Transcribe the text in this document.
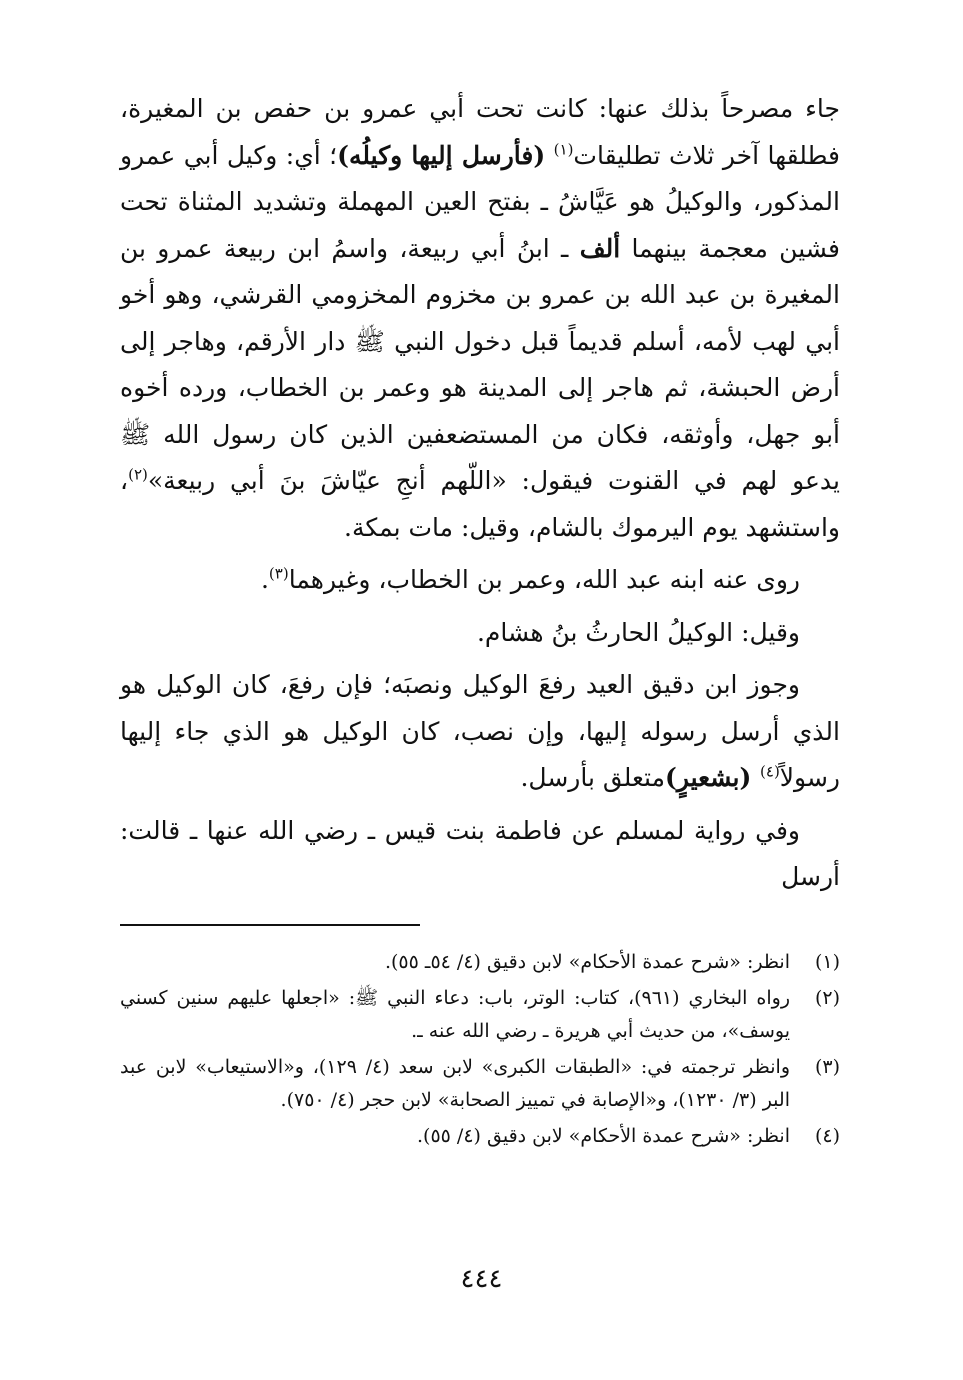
جاء مصرحاً بذلك عنها: كانت تحت أبي عمرو بن حفص بن المغيرة، فطلقها آخر ثلاث تطليقات$^{(١)}$ (فأرسل إليها وكيلُه)؛ أي: وكيل أبي عمرو المذكور، والوكيلُ هو عَيَّاشُ ـ بفتح العين المهملة وتشديد المثناة تحت فشين معجمة بينهما ألف ـ ابنُ أبي ربيعة، واسمُ ابن ربيعة عمرو بن المغيرة بن عبد الله بن عمرو بن مخزوم المخزومي القرشي، وهو أخو أبي لهب لأمه، أسلم قديماً قبل دخول النبي ﷺ دار الأرقم، وهاجر إلى أرض الحبشة، ثم هاجر إلى المدينة هو وعمر بن الخطاب، ورده أخوه أبو جهل، وأوثقه، فكان من المستضعفين الذين كان رسول الله ﷺ يدعو لهم في القنوت فيقول: «اللّهم أنجِ عيّاشَ بنَ أبي ربيعة»$^{(٢)}$، واستشهد يوم اليرموك بالشام، وقيل: مات بمكة.

روى عنه ابنه عبد الله، وعمر بن الخطاب، وغيرهما$^{(٣)}$.

وقيل: الوكيلُ الحارثُ بنُ هشام.

وجوز ابن دقيق العيد رفعَ الوكيل ونصبَه؛ فإن رفعَ، كان الوكيل هو الذي أرسل رسوله إليها، وإن نصب، كان الوكيل هو الذي جاء إليها رسولاً$^{(٤)}$ (بشعيرٍ)متعلق بأرسل.

وفي رواية لمسلم عن فاطمة بنت قيس ـ رضي الله عنها ـ قالت: أرسل

(١)
انظر: «شرح عمدة الأحكام» لابن دقيق (٤/ ٥٤ـ ٥٥).
(٢)
رواه البخاري (٩٦١)، كتاب: الوتر، باب: دعاء النبي ﷺ: «اجعلها عليهم سنين كسني يوسف»، من حديث أبي هريرة ـ رضي الله عنه ـ.
(٣)
وانظر ترجمته في: «الطبقات الكبرى» لابن سعد (٤/ ١٢٩)، و«الاستيعاب» لابن عبد البر (٣/ ١٢٣٠)، و«الإصابة في تمييز الصحابة» لابن حجر (٤/ ٧٥٠).
(٤)
انظر: «شرح عمدة الأحكام» لابن دقيق (٤/ ٥٥).
٤٤٤
